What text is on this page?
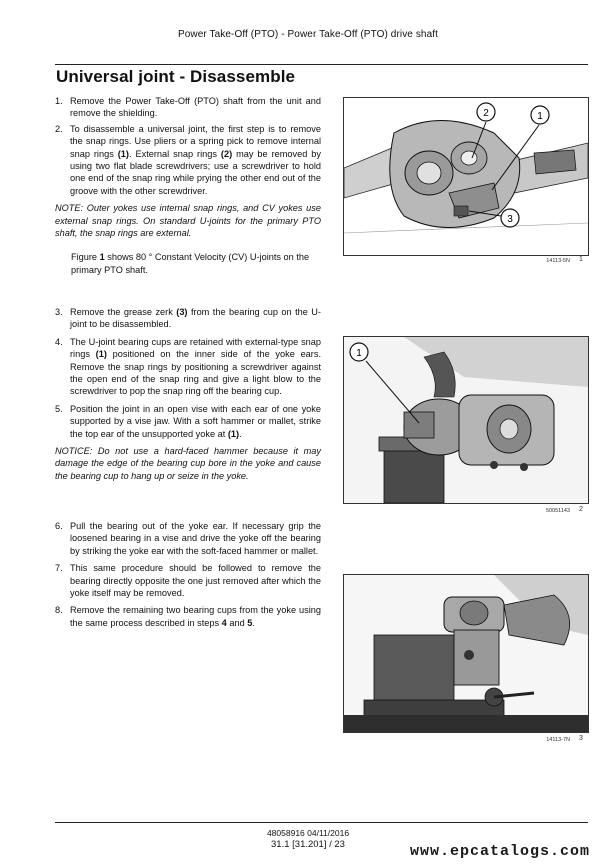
Power Take-Off (PTO) - Power Take-Off (PTO) drive shaft
Universal joint - Disassemble
1. Remove the Power Take-Off (PTO) shaft from the unit and remove the shielding.
2. To disassemble a universal joint, the first step is to remove the snap rings. Use pliers or a spring pick to remove internal snap rings (1). External snap rings (2) may be removed by using two flat blade screwdrivers; use a screwdriver to hold one end of the snap ring while prying the other end out of the groove with the other screwdriver.
NOTE: Outer yokes use internal snap rings, and CV yokes use external snap rings. On standard U-joints for the primary PTO shaft, the snap rings are external.
Figure 1 shows 80 ° Constant Velocity (CV) U-joints on the primary PTO shaft.
2	1
3
14113-5N 1
3. Remove the grease zerk (3) from the bearing cup on the U-joint to be disassembled.
4. The U-joint bearing cups are retained with external-type snap rings (1) positioned on the inner side of the yoke ears. Remove the snap rings by positioning a screwdriver against the open end of the snap ring and give a light blow to the screwdriver to pop the snap ring off the bearing cup.
5. Position the joint in an open vise with each ear of one yoke supported by a vise jaw. With a soft hammer or mallet, strike the top ear of the unsupported yoke at (1).
NOTICE: Do not use a hard-faced hammer because it may damage the edge of the bearing cup bore in the yoke and cause the bearing cup to hang up or seize in the yoke.
1
50051143 2
6. Pull the bearing out of the yoke ear. If necessary grip the loosened bearing in a vise and drive the yoke off the bearing by striking the yoke ear with the soft-faced hammer or mallet.
7. This same procedure should be followed to remove the bearing directly opposite the one just removed after which the yoke itself may be removed.
8. Remove the remaining two bearing cups from the yoke using the same process described in steps 4 and 5.
14113-7N 3
48058916 04/11/2016
31.1 [31.201] / 23	www.epcatalogs.com
